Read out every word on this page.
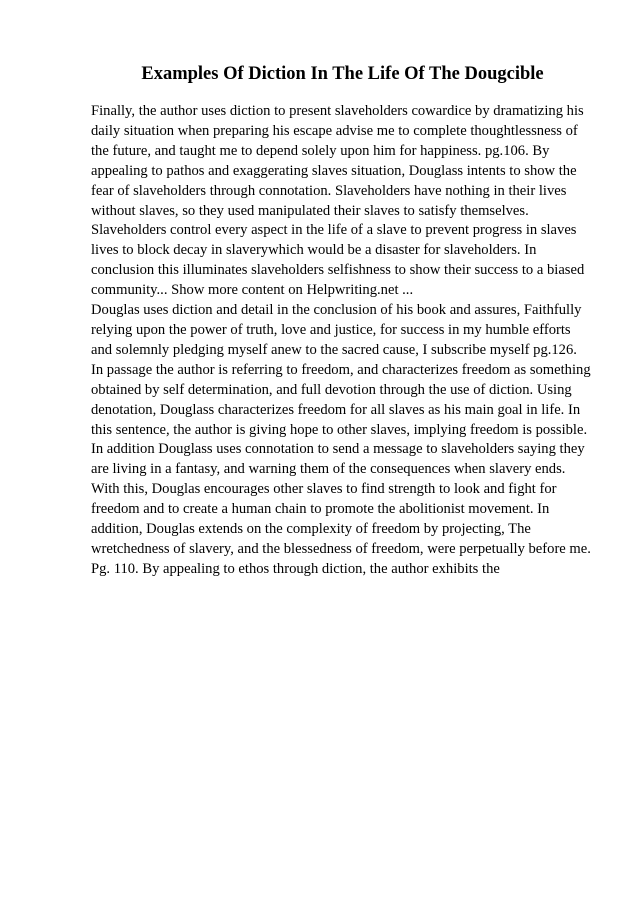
Examples Of Diction In The Life Of The Dougcible

Finally, the author uses diction to present slaveholders cowardice by dramatizing his daily situation when preparing his escape advise me to complete thoughtlessness of the future, and taught me to depend solely upon him for happiness. pg.106. By appealing to pathos and exaggerating slaves situation, Douglass intents to show the fear of slaveholders through connotation. Slaveholders have nothing in their lives without slaves, so they used manipulated their slaves to satisfy themselves. Slaveholders control every aspect in the life of a slave to prevent progress in slaves lives to block decay in slaverywhich would be a disaster for slaveholders. In conclusion this illuminates slaveholders selfishness to show their success to a biased community... Show more content on Helpwriting.net ...

Douglas uses diction and detail in the conclusion of his book and assures, Faithfully relying upon the power of truth, love and justice, for success in my humble efforts and solemnly pledging myself anew to the sacred cause, I subscribe myself pg.126. In passage the author is referring to freedom, and characterizes freedom as something obtained by self determination, and full devotion through the use of diction. Using denotation, Douglass characterizes freedom for all slaves as his main goal in life. In this sentence, the author is giving hope to other slaves, implying freedom is possible. In addition Douglass uses connotation to send a message to slaveholders saying they are living in a fantasy, and warning them of the consequences when slavery ends. With this, Douglas encourages other slaves to find strength to look and fight for freedom and to create a human chain to promote the abolitionist movement. In addition, Douglas extends on the complexity of freedom by projecting, The wretchedness of slavery, and the blessedness of freedom, were perpetually before me. Pg. 110. By appealing to ethos through diction, the author exhibits the
